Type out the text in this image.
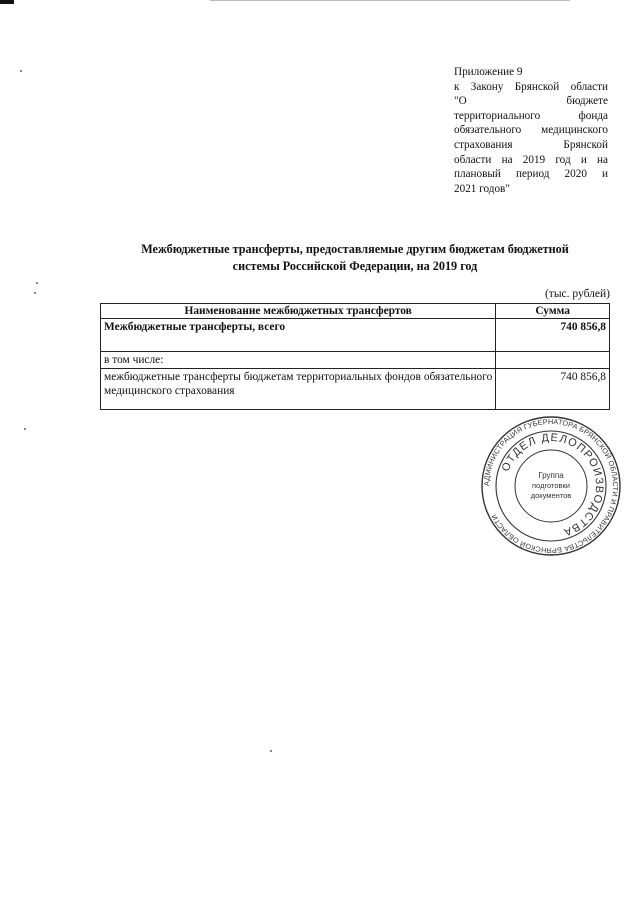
Приложение 9
к Закону Брянской области
"О бюджете
территориального фонда
обязательного медицинского
страхования Брянской
области на 2019 год и на
плановый период 2020 и
2021 годов"
Межбюджетные трансферты, предоставляемые другим бюджетам бюджетной
системы Российской Федерации, на 2019 год
(тыс. рублей)
Наименование межбюджетных трансфертов	Сумма
Межбюджетные трансферты, всего	740 856,8
в том числе:	
межбюджетные трансферты бюджетам территориальных фондов обязательного медицинского страхования	740 856,8
АДМИНИСТРАЦИЯ ГУБЕРНАТОРА БРЯНСКОЙ ОБЛАСТИ И ПРАВИТЕЛЬСТВА БРЯНСКОЙ ОБЛАСТИ
ОТДЕЛ ДЕЛОПРОИЗВОДСТВА
Группа
подготовки
документов
